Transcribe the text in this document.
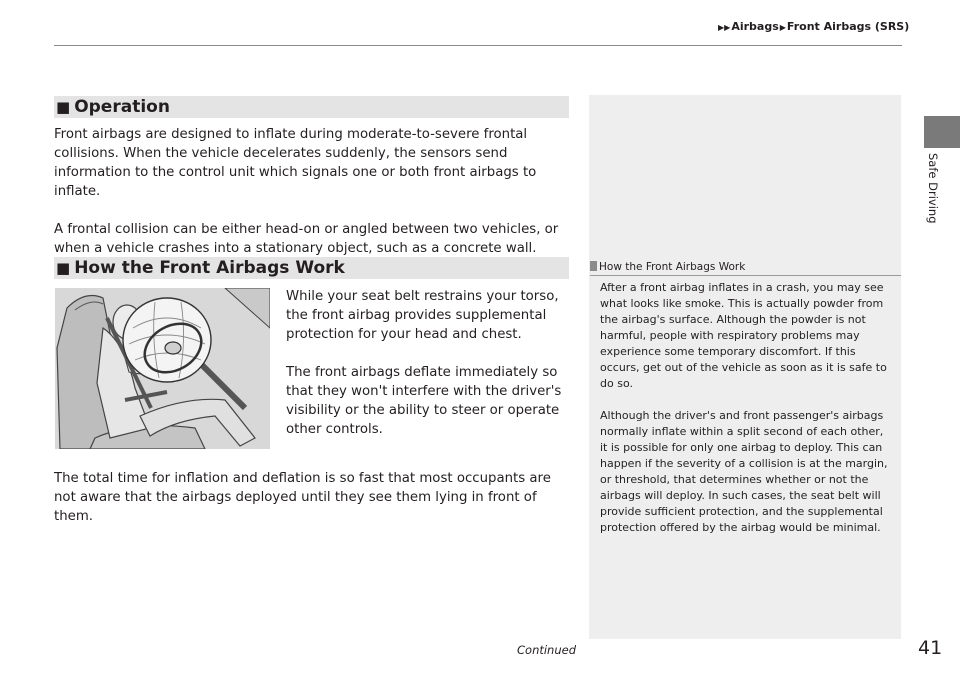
▶▶Airbags▶Front Airbags (SRS)
Safe Driving
■ Operation

Front airbags are designed to inflate during moderate-to-severe frontal collisions. When the vehicle decelerates suddenly, the sensors send information to the control unit which signals one or both front airbags to inflate.

A frontal collision can be either head-on or angled between two vehicles, or when a vehicle crashes into a stationary object, such as a concrete wall.

■ How the Front Airbags Work

While your seat belt restrains your torso, the front airbag provides supplemental protection for your head and chest.

The front airbags deflate immediately so that they won't interfere with the driver's visibility or the ability to steer or operate other controls.

The total time for inflation and deflation is so fast that most occupants are not aware that the airbags deployed until they see them lying in front of them.

How the Front Airbags Work

After a front airbag inflates in a crash, you may see what looks like smoke. This is actually powder from the airbag's surface. Although the powder is not harmful, people with respiratory problems may experience some temporary discomfort. If this occurs, get out of the vehicle as soon as it is safe to do so.

Although the driver's and front passenger's airbags normally inflate within a split second of each other, it is possible for only one airbag to deploy. This can happen if the severity of a collision is at the margin, or threshold, that determines whether or not the airbags will deploy. In such cases, the seat belt will provide sufficient protection, and the supplemental protection offered by the airbag would be minimal.

Continued	41
